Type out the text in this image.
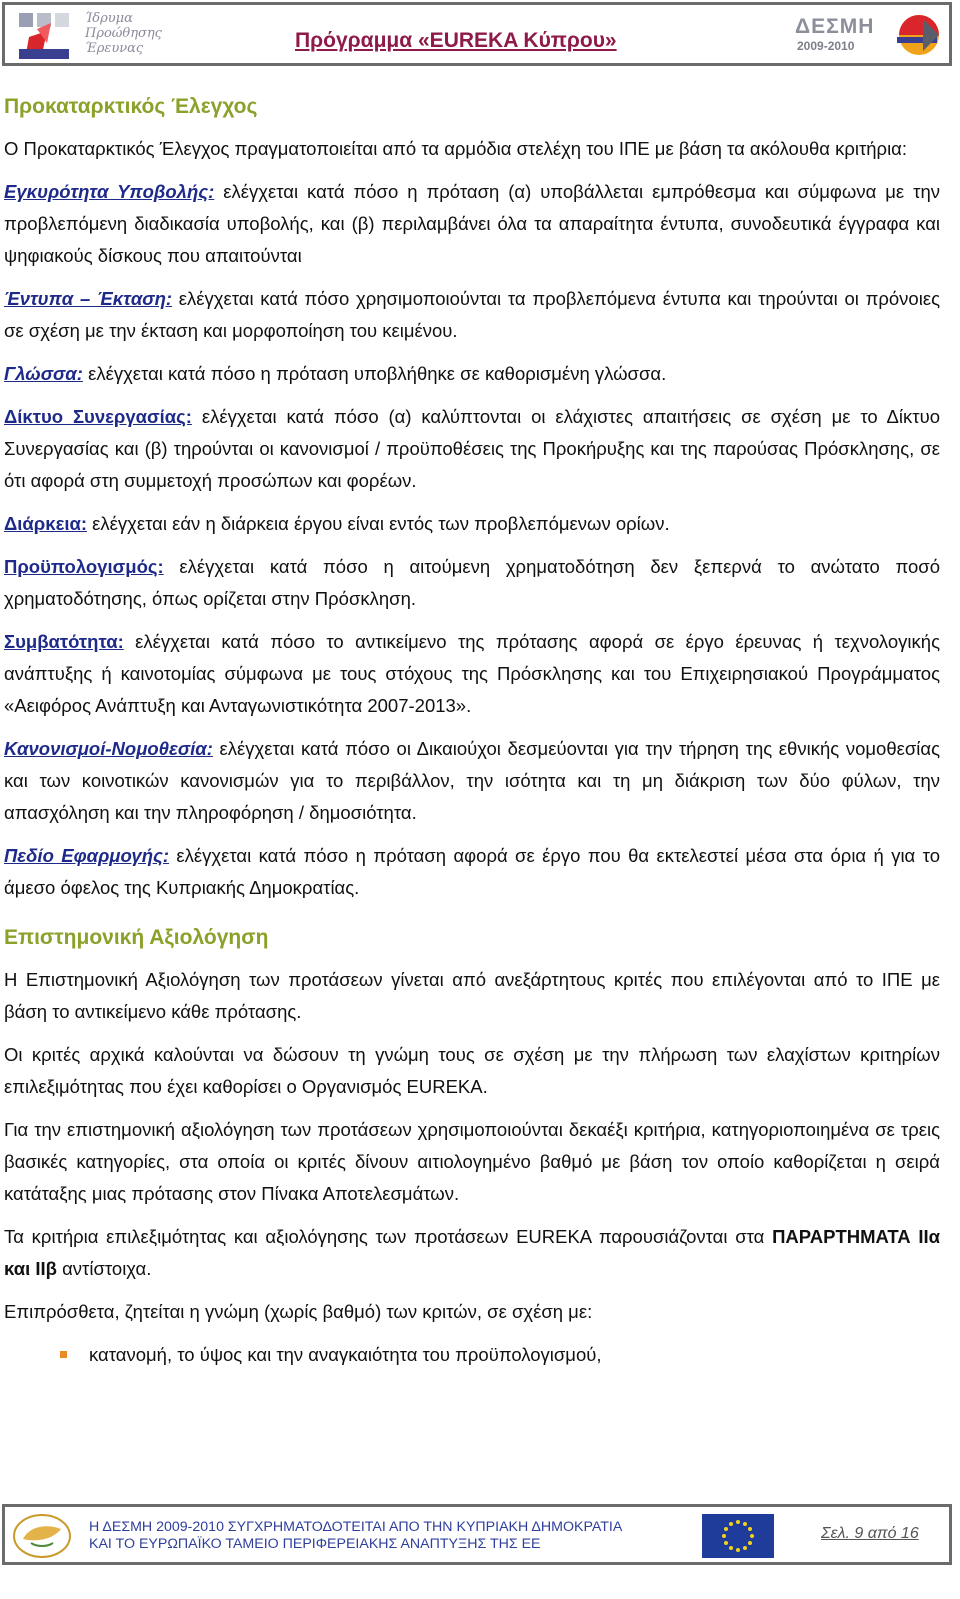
Ίδρυμα
Προώθησης
Έρευνας	Πρόγραμμα «EUREKA Κύπρου»
ΔΕΣΜΗ
2009-2010
Προκαταρκτικός Έλεγχος

Ο Προκαταρκτικός Έλεγχος πραγματοποιείται από τα αρμόδια στελέχη του ΙΠΕ με βάση τα ακόλουθα κριτήρια:

Εγκυρότητα Υποβολής: ελέγχεται κατά πόσο η πρόταση (α) υποβάλλεται εμπρόθεσμα και σύμφωνα με την προβλεπόμενη διαδικασία υποβολής, και (β) περιλαμβάνει όλα τα απαραίτητα έντυπα, συνοδευτικά έγγραφα και ψηφιακούς δίσκους που απαιτούνται

Έντυπα – Έκταση: ελέγχεται κατά πόσο χρησιμοποιούνται τα προβλεπόμενα έντυπα και τηρούνται οι πρόνοιες σε σχέση με την έκταση και μορφοποίηση του κειμένου.

Γλώσσα: ελέγχεται κατά πόσο η πρόταση υποβλήθηκε σε καθορισμένη γλώσσα.

Δίκτυο Συνεργασίας: ελέγχεται κατά πόσο (α) καλύπτονται οι ελάχιστες απαιτήσεις σε σχέση με το Δίκτυο Συνεργασίας και (β) τηρούνται οι κανονισμοί / προϋποθέσεις της Προκήρυξης και της παρούσας Πρόσκλησης, σε ότι αφορά στη συμμετοχή προσώπων και φορέων.

Διάρκεια: ελέγχεται εάν η διάρκεια έργου είναι εντός των προβλεπόμενων ορίων.

Προϋπολογισμός: ελέγχεται κατά πόσο η αιτούμενη χρηματοδότηση δεν ξεπερνά το ανώτατο ποσό χρηματοδότησης, όπως ορίζεται στην Πρόσκληση.

Συμβατότητα: ελέγχεται κατά πόσο το αντικείμενο της πρότασης αφορά σε έργο έρευνας ή τεχνολογικής ανάπτυξης ή καινοτομίας σύμφωνα με τους στόχους της Πρόσκλησης και του Επιχειρησιακού Προγράμματος «Αειφόρος Ανάπτυξη και Ανταγωνιστικότητα 2007-2013».

Κανονισμοί-Νομοθεσία: ελέγχεται κατά πόσο οι Δικαιούχοι δεσμεύονται για την τήρηση της εθνικής νομοθεσίας και των κοινοτικών κανονισμών για το περιβάλλον, την ισότητα και τη μη διάκριση των δύο φύλων, την απασχόληση και την πληροφόρηση / δημοσιότητα.

Πεδίο Εφαρμογής: ελέγχεται κατά πόσο η πρόταση αφορά σε έργο που θα εκτελεστεί μέσα στα όρια ή για το άμεσο όφελος της Κυπριακής Δημοκρατίας.

Επιστημονική Αξιολόγηση

Η Επιστημονική Αξιολόγηση των προτάσεων γίνεται από ανεξάρτητους κριτές που επιλέγονται από το ΙΠΕ με βάση το αντικείμενο κάθε πρότασης.

Οι κριτές αρχικά καλούνται να δώσουν τη γνώμη τους σε σχέση με την πλήρωση των ελαχίστων κριτηρίων επιλεξιμότητας που έχει καθορίσει ο Οργανισμός EUREKA.

Για την επιστημονική αξιολόγηση των προτάσεων χρησιμοποιούνται δεκαέξι κριτήρια, κατηγοριοποιημένα σε τρεις βασικές κατηγορίες, στα οποία οι κριτές δίνουν αιτιολογημένο βαθμό με βάση τον οποίο καθορίζεται η σειρά κατάταξης μιας πρότασης στον Πίνακα Αποτελεσμάτων.

Τα κριτήρια επιλεξιμότητας και αξιολόγησης των προτάσεων EUREKA παρουσιάζονται στα ΠΑΡΑΡΤΗΜΑΤΑ IIα και IIβ αντίστοιχα.

Επιπρόσθετα, ζητείται η γνώμη (χωρίς βαθμό) των κριτών, σε σχέση με:

κατανομή, το ύψος και την αναγκαιότητα του προϋπολογισμού,
Η ΔΕΣΜΗ 2009-2010 ΣΥΓΧΡΗΜΑΤΟΔΟΤΕΙΤΑΙ ΑΠΟ ΤΗΝ ΚΥΠΡΙΑΚΗ ΔΗΜΟΚΡΑΤΙΑ
ΚΑΙ ΤΟ ΕΥΡΩΠΑΪΚΟ ΤΑΜΕΙΟ ΠΕΡΙΦΕΡΕΙΑΚΗΣ ΑΝΑΠΤΥΞΗΣ ΤΗΣ ΕΕ
Σελ. 9 από 16
